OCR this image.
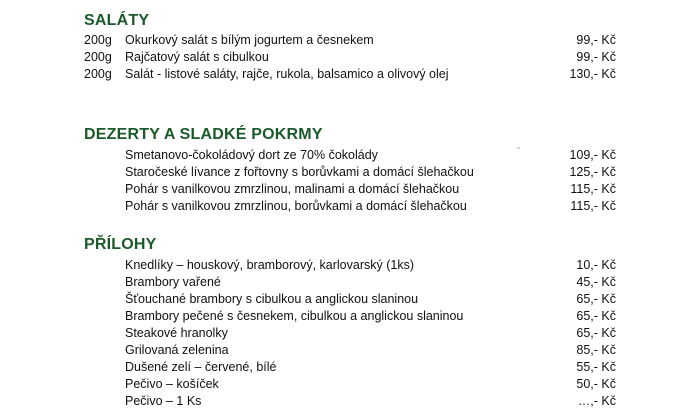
SALÁTY
200g Okurkový salát s bílým jogurtem a česnekem	99,- Kč
200g Rajčatový salát s cibulkou	99,- Kč
200g Salát - listové saláty, rajče, rukola, balsamico a olivový olej	130,- Kč
DEZERTY A SLADKÉ POKRMY
¨
Smetanovo-čokoládový dort ze 70% čokolády	109,- Kč
Staročeské lívance z fořtovny s borůvkami a domácí šlehačkou	125,- Kč
Pohár s vanilkovou zmrzlinou, malinami a domácí šlehačkou	115,- Kč
Pohár s vanilkovou zmrzlinou, borůvkami a domácí šlehačkou	115,- Kč
PŘÍLOHY
Knedlíky – houskový, bramborový, karlovarský (1ks)	10,- Kč
Brambory vařené	45,- Kč
Šťouchané brambory s cibulkou a anglickou slaninou	65,- Kč
Brambory pečené s česnekem, cibulkou a anglickou slaninou	65,- Kč
Steakové hranolky	65,- Kč
Grilovaná zelenina	85,- Kč
Dušené zelí – červené, bílé	55,- Kč
Pečivo – košíček	50,- Kč
Pečivo – 1 Ks	…,- Kč
